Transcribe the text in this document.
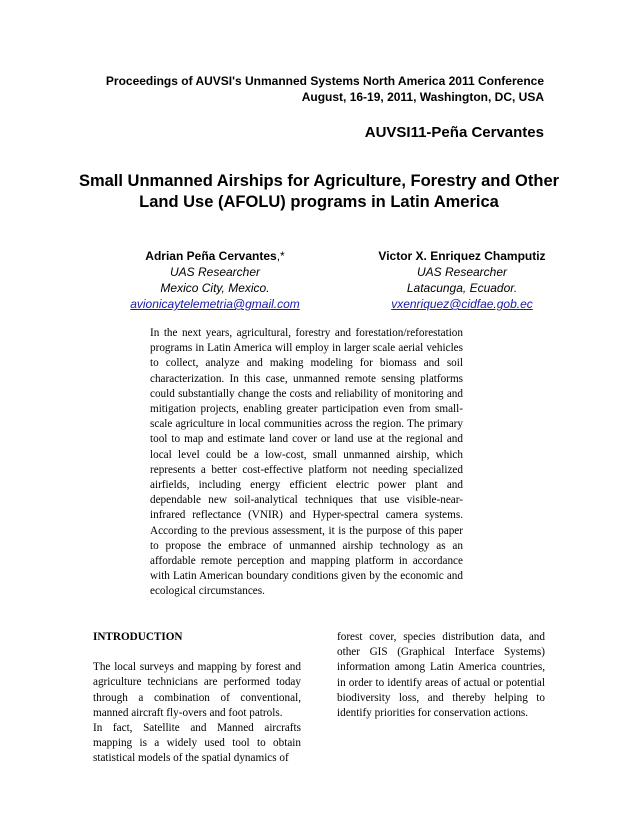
Proceedings of AUVSI's Unmanned Systems North America 2011 Conference
August, 16-19, 2011, Washington, DC, USA
AUVSI11-Peña Cervantes
Small Unmanned Airships for Agriculture, Forestry and Other
Land Use (AFOLU) programs in Latin America
Adrian Peña Cervantes,*
UAS Researcher
Mexico City, Mexico.
avionicaytelemetria@gmail.com
Victor X. Enriquez Champutiz
UAS Researcher
Latacunga, Ecuador.
vxenriquez@cidfae.gob.ec

In the next years, agricultural, forestry and forestation/reforestation programs in Latin America will employ in larger scale aerial vehicles to collect, analyze and making modeling for biomass and soil characterization. In this case, unmanned remote sensing platforms could substantially change the costs and reliability of monitoring and mitigation projects, enabling greater participation even from small-scale agriculture in local communities across the region. The primary tool to map and estimate land cover or land use at the regional and local level could be a low-cost, small unmanned airship, which represents a better cost-effective platform not needing specialized airfields, including energy efficient electric power plant and dependable new soil-analytical techniques that use visible-near-infrared reflectance (VNIR) and Hyper-spectral camera systems. According to the previous assessment, it is the purpose of this paper to propose the embrace of unmanned airship technology as an affordable remote perception and mapping platform in accordance with Latin American boundary conditions given by the economic and ecological circumstances.

INTRODUCTION

The local surveys and mapping by forest and agriculture technicians are performed today through a combination of conventional, manned aircraft fly-overs and foot patrols.

In fact, Satellite and Manned aircrafts mapping is a widely used tool to obtain statistical models of the spatial dynamics of

forest cover, species distribution data, and other GIS (Graphical Interface Systems) information among Latin America countries, in order to identify areas of actual or potential biodiversity loss, and thereby helping to identify priorities for conservation actions.
